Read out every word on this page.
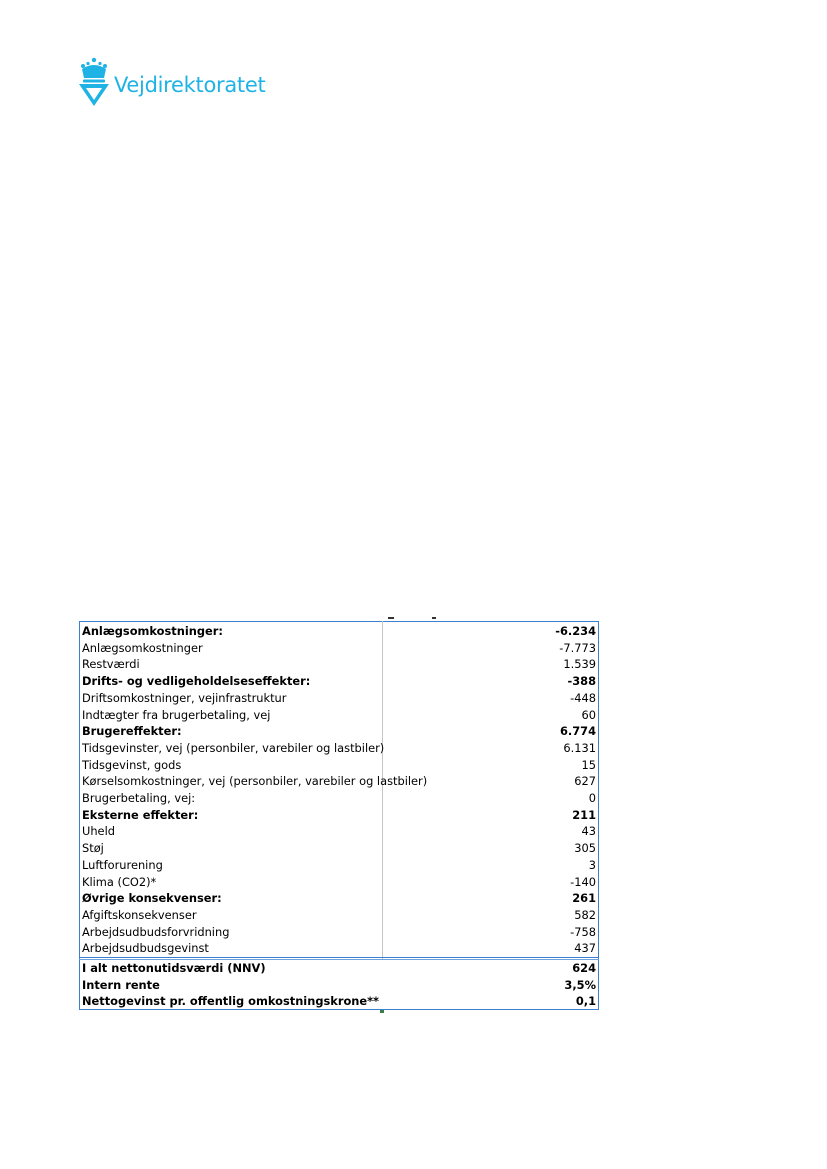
Vejdirektoratet
Anlægsomkostninger:	-6.234
Anlægsomkostninger	-7.773
Restværdi	1.539
Drifts- og vedligeholdelseseffekter:	-388
Driftsomkostninger, vejinfrastruktur	-448
Indtægter fra brugerbetaling, vej	60
Brugereffekter:	6.774
Tidsgevinster, vej (personbiler, varebiler og lastbiler)	6.131
Tidsgevinst, gods	15
Kørselsomkostninger, vej (personbiler, varebiler og lastbiler)	627
Brugerbetaling, vej:	0
Eksterne effekter:	211
Uheld	43
Støj	305
Luftforurening	3
Klima (CO2)*	-140
Øvrige konsekvenser:	261
Afgiftskonsekvenser	582
Arbejdsudbudsforvridning	-758
Arbejdsudbudsgevinst	437
I alt nettonutidsværdi (NNV)	624
Intern rente	3,5%
Nettogevinst pr. offentlig omkostningskrone**	0,1
